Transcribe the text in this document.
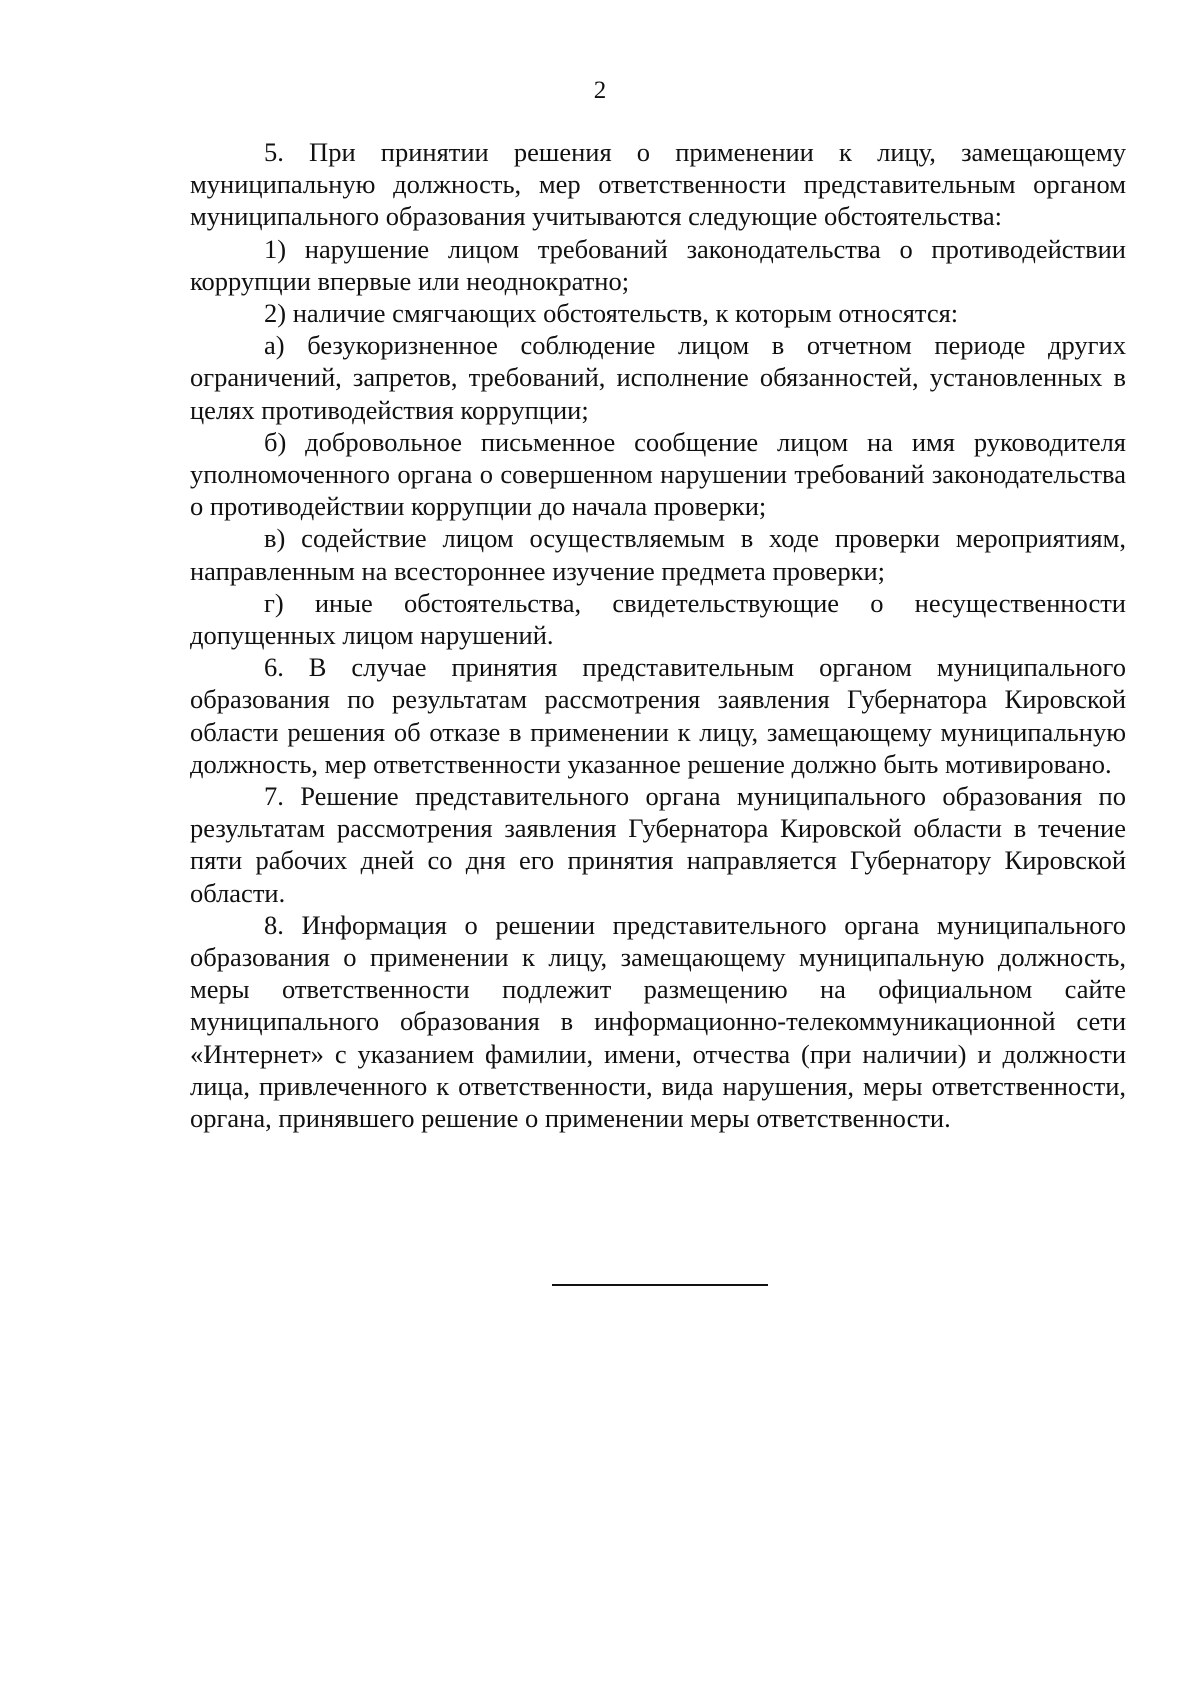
2

5. При принятии решения о применении к лицу, замещающему муниципальную должность, мер ответственности представительным органом муниципального образования учитываются следующие обстоятельства:

1) нарушение лицом требований законодательства о противодействии коррупции впервые или неоднократно;

2) наличие смягчающих обстоятельств, к которым относятся:

а) безукоризненное соблюдение лицом в отчетном периоде других ограничений, запретов, требований, исполнение обязанностей, установленных в целях противодействия коррупции;

б) добровольное письменное сообщение лицом на имя руководителя уполномоченного органа о совершенном нарушении требований законодательства о противодействии коррупции до начала проверки;

в) содействие лицом осуществляемым в ходе проверки мероприятиям, направленным на всестороннее изучение предмета проверки;

г) иные обстоятельства, свидетельствующие о несущественности допущенных лицом нарушений.

6. В случае принятия представительным органом муниципального образования по результатам рассмотрения заявления Губернатора Кировской области решения об отказе в применении к лицу, замещающему муниципальную должность, мер ответственности указанное решение должно быть мотивировано.

7. Решение представительного органа муниципального образования по результатам рассмотрения заявления Губернатора Кировской области в течение пяти рабочих дней со дня его принятия направляется Губернатору Кировской области.

8. Информация о решении представительного органа муниципального образования о применении к лицу, замещающему муниципальную должность, меры ответственности подлежит размещению на официальном сайте муниципального образования в информационно-телекоммуникационной сети «Интернет» с указанием фамилии, имени, отчества (при наличии) и должности лица, привлеченного к ответственности, вида нарушения, меры ответственности, органа, принявшего решение о применении меры ответственности.
